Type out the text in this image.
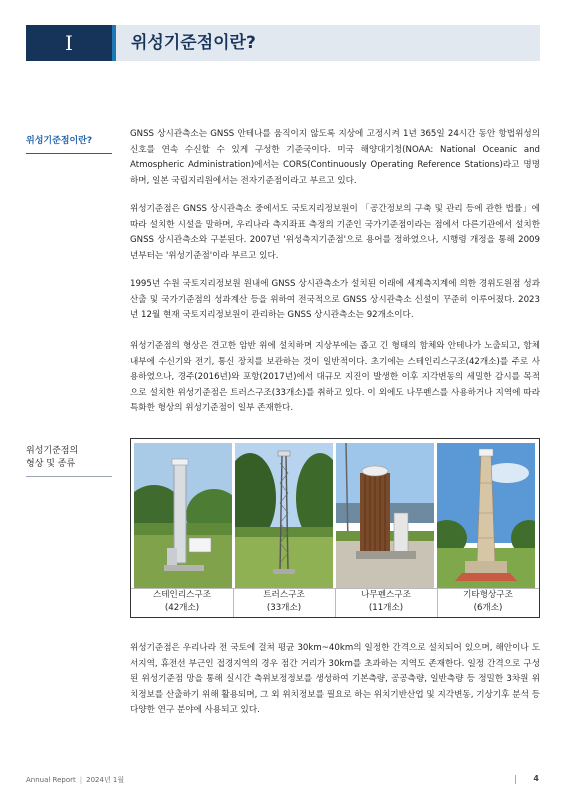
I	위성기준점이란?
위성기준점이란?
GNSS 상시관측소는 GNSS 안테나를 움직이지 않도록 지상에 고정시켜 1년 365일 24시간 동안 항법위성의 신호를 연속 수신할 수 있게 구성한 기준국이다. 미국 해양대기청(NOAA: National Oceanic and Atmospheric Administration)에서는 CORS(Continuously Operating Reference Stations)라고 명명하며, 일본 국립지리원에서는 전자기준점이라고 부르고 있다.
위성기준점은 GNSS 상시관측소 중에서도 국토지리정보원이 「공간정보의 구축 및 관리 등에 관한 법률」에 따라 설치한 시설을 말하며, 우리나라 측지좌표 측정의 기준인 국가기준점이라는 점에서 다른기관에서 설치한 GNSS 상시관측소와 구분된다. 2007년 '위성측지기준점'으로 용어를 정하였으나, 시행령 개정을 통해 2009년부터는 '위성기준점'이라 부르고 있다.
1995년 수원 국토지리정보원 원내에 GNSS 상시관측소가 설치된 이래에 세계측지계에 의한 경위도원점 성과산출 및 국가기준점의 성과계산 등을 위하여 전국적으로 GNSS 상시관측소 신설이 꾸준히 이루어졌다. 2023년 12월 현재 국토지리정보원이 관리하는 GNSS 상시관측소는 92개소이다.
위성기준점의 형상은 견고한 암반 위에 설치하며 지상부에는 좁고 긴 형태의 함체와 안테나가 노출되고, 함체 내부에 수신기와 전기, 통신 장치를 보관하는 것이 일반적이다. 초기에는 스테인리스구조(42개소)를 주로 사용하였으나, 경주(2016년)와 포항(2017년)에서 대규모 지진이 발생한 이후 지각변동의 세밀한 감시를 목적으로 설치한 위성기준점은 트러스구조(33개소)를 취하고 있다. 이 외에도 나무펜스를 사용하거나 지역에 따라 특화한 형상의 위성기준점이 일부 존재한다.
위성기준점의
형상 및 종류
스테인리스구조
(42개소)
트러스구조
(33개소)
나무펜스구조
(11개소)
기타형상구조
(6개소)
위성기준점은 우리나라 전 국토에 걸쳐 평균 30km~40km의 일정한 간격으로 설치되어 있으며, 해안이나 도서지역, 휴전선 부근인 접경지역의 경우 점간 거리가 30km를 초과하는 지역도 존재한다. 일정 간격으로 구성된 위성기준점 망을 통해 실시간 측위보정정보를 생성하여 기본측량, 공공측량, 일반측량 등 정밀한 3차원 위치정보를 산출하기 위해 활용되며, 그 외 위치정보를 필요로 하는 위치기반산업 및 지각변동, 기상기후 분석 등 다양한 연구 분야에 사용되고 있다.
Annual Report | 2024년 1월	4
